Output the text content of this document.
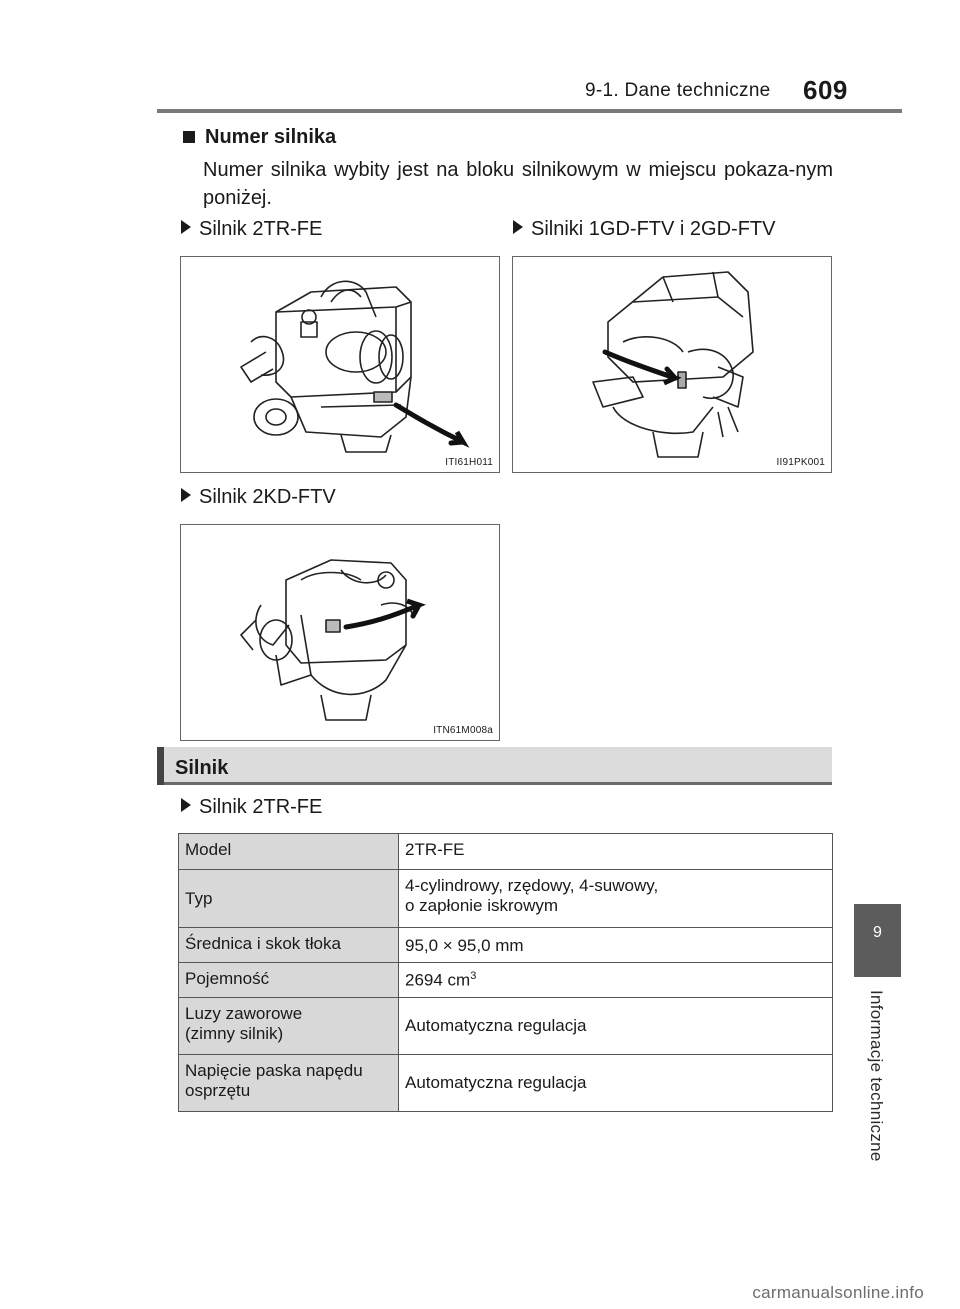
9-1. Dane techniczne 609
9
Informacje techniczne
Numer silnika
Numer silnika wybity jest na bloku silnikowym w miejscu pokaza-nym poniżej.
Silnik 2TR-FE	Silniki 1GD-FTV i 2GD-FTV
Silnik 2KD-FTV
ITI61H011	II91PK001
ITN61M008a
Silnik
Silnik 2TR-FE
Model	2TR-FE
Typ	4-cylindrowy, rzędowy, 4-suwowy,
o zapłonie iskrowym
Średnica i skok tłoka	95,0 × 95,0 mm
Pojemność	2694 $cm^3$
Luzy zaworowe
(zimny silnik)	Automatyczna regulacja
Napięcie paska napędu osprzętu	Automatyczna regulacja
carmanualsonline.info
